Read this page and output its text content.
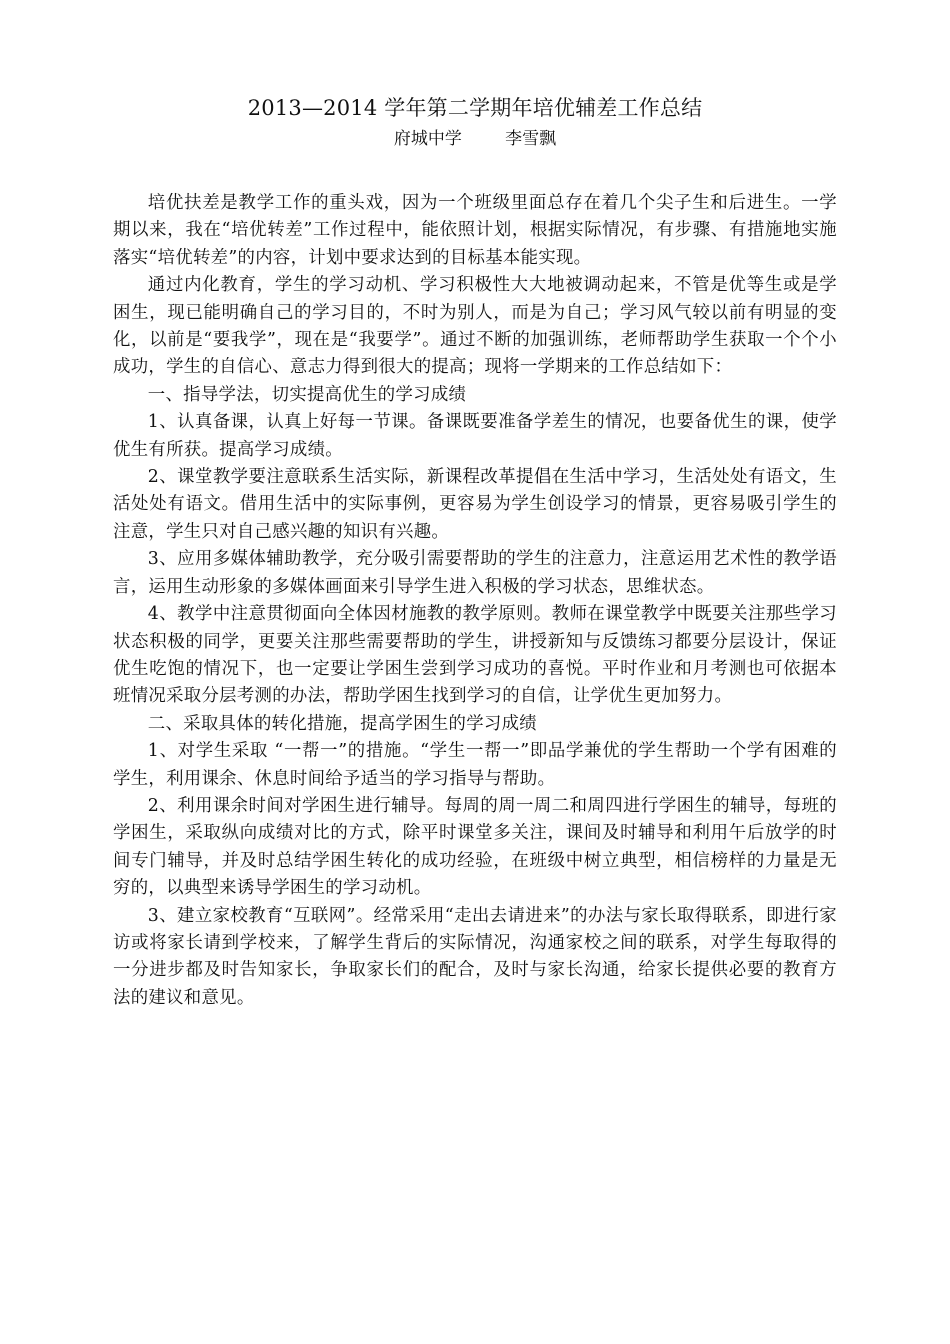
2013—2014 学年第二学期年培优辅差工作总结
府城中学        李雪飘

培优扶差是教学工作的重头戏，因为一个班级里面总存在着几个尖子生和后进生。一学期以来，我在“培优转差”工作过程中，能依照计划，根据实际情况，有步骤、有措施地实施落实“培优转差”的内容，计划中要求达到的目标基本能实现。

通过内化教育，学生的学习动机、学习积极性大大地被调动起来，不管是优等生或是学困生，现已能明确自己的学习目的，不时为别人，而是为自己；学习风气较以前有明显的变化，以前是“要我学”，现在是“我要学”。通过不断的加强训练，老师帮助学生获取一个个小成功，学生的自信心、意志力得到很大的提高；现将一学期来的工作总结如下：

一、指导学法，切实提高优生的学习成绩

1、认真备课，认真上好每一节课。备课既要准备学差生的情况，也要备优生的课，使学优生有所获。提高学习成绩。

2、课堂教学要注意联系生活实际，新课程改革提倡在生活中学习，生活处处有语文，生活处处有语文。借用生活中的实际事例，更容易为学生创设学习的情景，更容易吸引学生的注意，学生只对自己感兴趣的知识有兴趣。

3、应用多媒体辅助教学，充分吸引需要帮助的学生的注意力，注意运用艺术性的教学语言，运用生动形象的多媒体画面来引导学生进入积极的学习状态，思维状态。

4、教学中注意贯彻面向全体因材施教的教学原则。教师在课堂教学中既要关注那些学习状态积极的同学，更要关注那些需要帮助的学生，讲授新知与反馈练习都要分层设计，保证优生吃饱的情况下，也一定要让学困生尝到学习成功的喜悦。平时作业和月考测也可依据本班情况采取分层考测的办法，帮助学困生找到学习的自信，让学优生更加努力。

二、采取具体的转化措施，提高学困生的学习成绩

1、对学生采取 “一帮一”的措施。“学生一帮一”即品学兼优的学生帮助一个学有困难的学生，利用课余、休息时间给予适当的学习指导与帮助。

2、利用课余时间对学困生进行辅导。每周的周一周二和周四进行学困生的辅导，每班的学困生，采取纵向成绩对比的方式，除平时课堂多关注，课间及时辅导和利用午后放学的时间专门辅导，并及时总结学困生转化的成功经验，在班级中树立典型，相信榜样的力量是无穷的，以典型来诱导学困生的学习动机。

3、建立家校教育“互联网”。经常采用“走出去请进来”的办法与家长取得联系，即进行家访或将家长请到学校来，了解学生背后的实际情况，沟通家校之间的联系，对学生每取得的一分进步都及时告知家长，争取家长们的配合，及时与家长沟通，给家长提供必要的教育方法的建议和意见。
